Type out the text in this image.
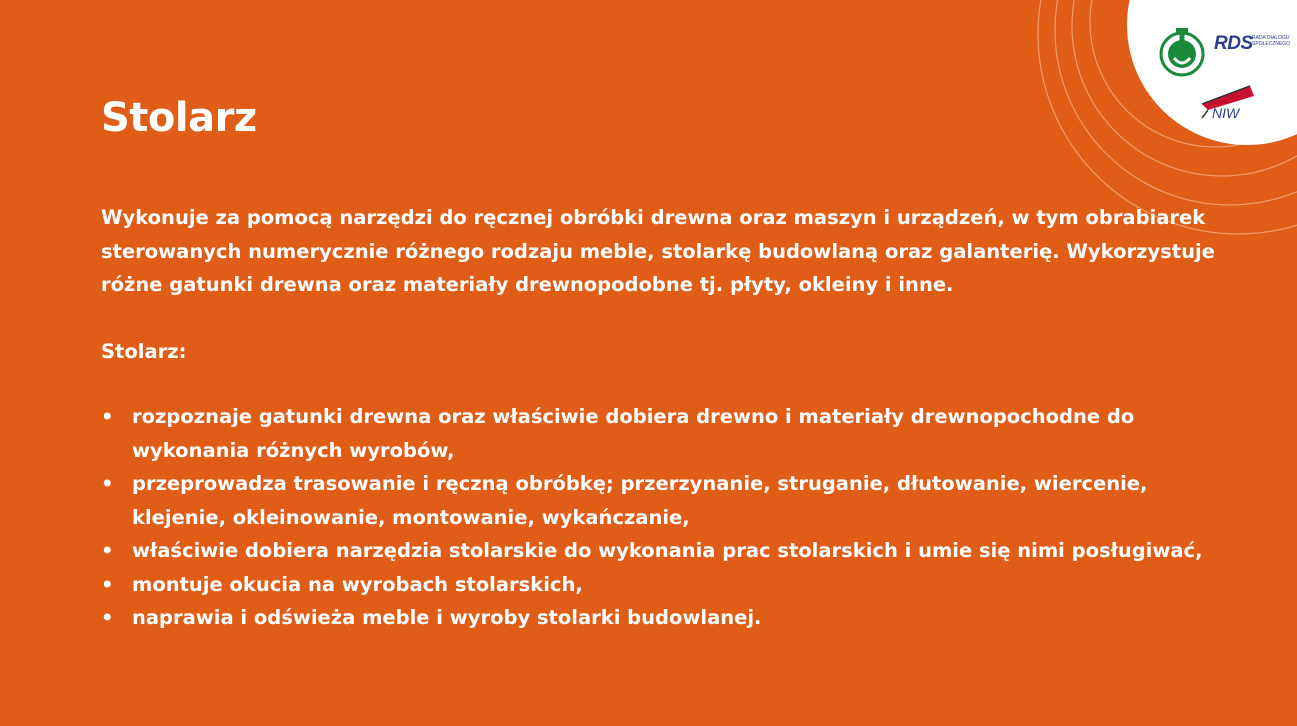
RDS RADA DIALOGU SPOŁECZNEGO
NIW
Stolarz

Wykonuje za pomocą narzędzi do ręcznej obróbki drewna oraz maszyn i urządzeń, w tym obrabiarek sterowanych numerycznie różnego rodzaju meble, stolarkę budowlaną oraz galanterię. Wykorzystuje różne gatunki drewna oraz materiały drewnopodobne tj. płyty, okleiny i inne.

Stolarz:

• rozpoznaje gatunki drewna oraz właściwie dobiera drewno i materiały drewnopochodne do wykonania różnych wyrobów,
• przeprowadza trasowanie i ręczną obróbkę; przerzynanie, struganie, dłutowanie, wiercenie, klejenie, okleinowanie, montowanie, wykańczanie,
• właściwie dobiera narzędzia stolarskie do wykonania prac stolarskich i umie się nimi posługiwać,
• montuje okucia na wyrobach stolarskich,
• naprawia i odświeża meble i wyroby stolarki budowlanej.
